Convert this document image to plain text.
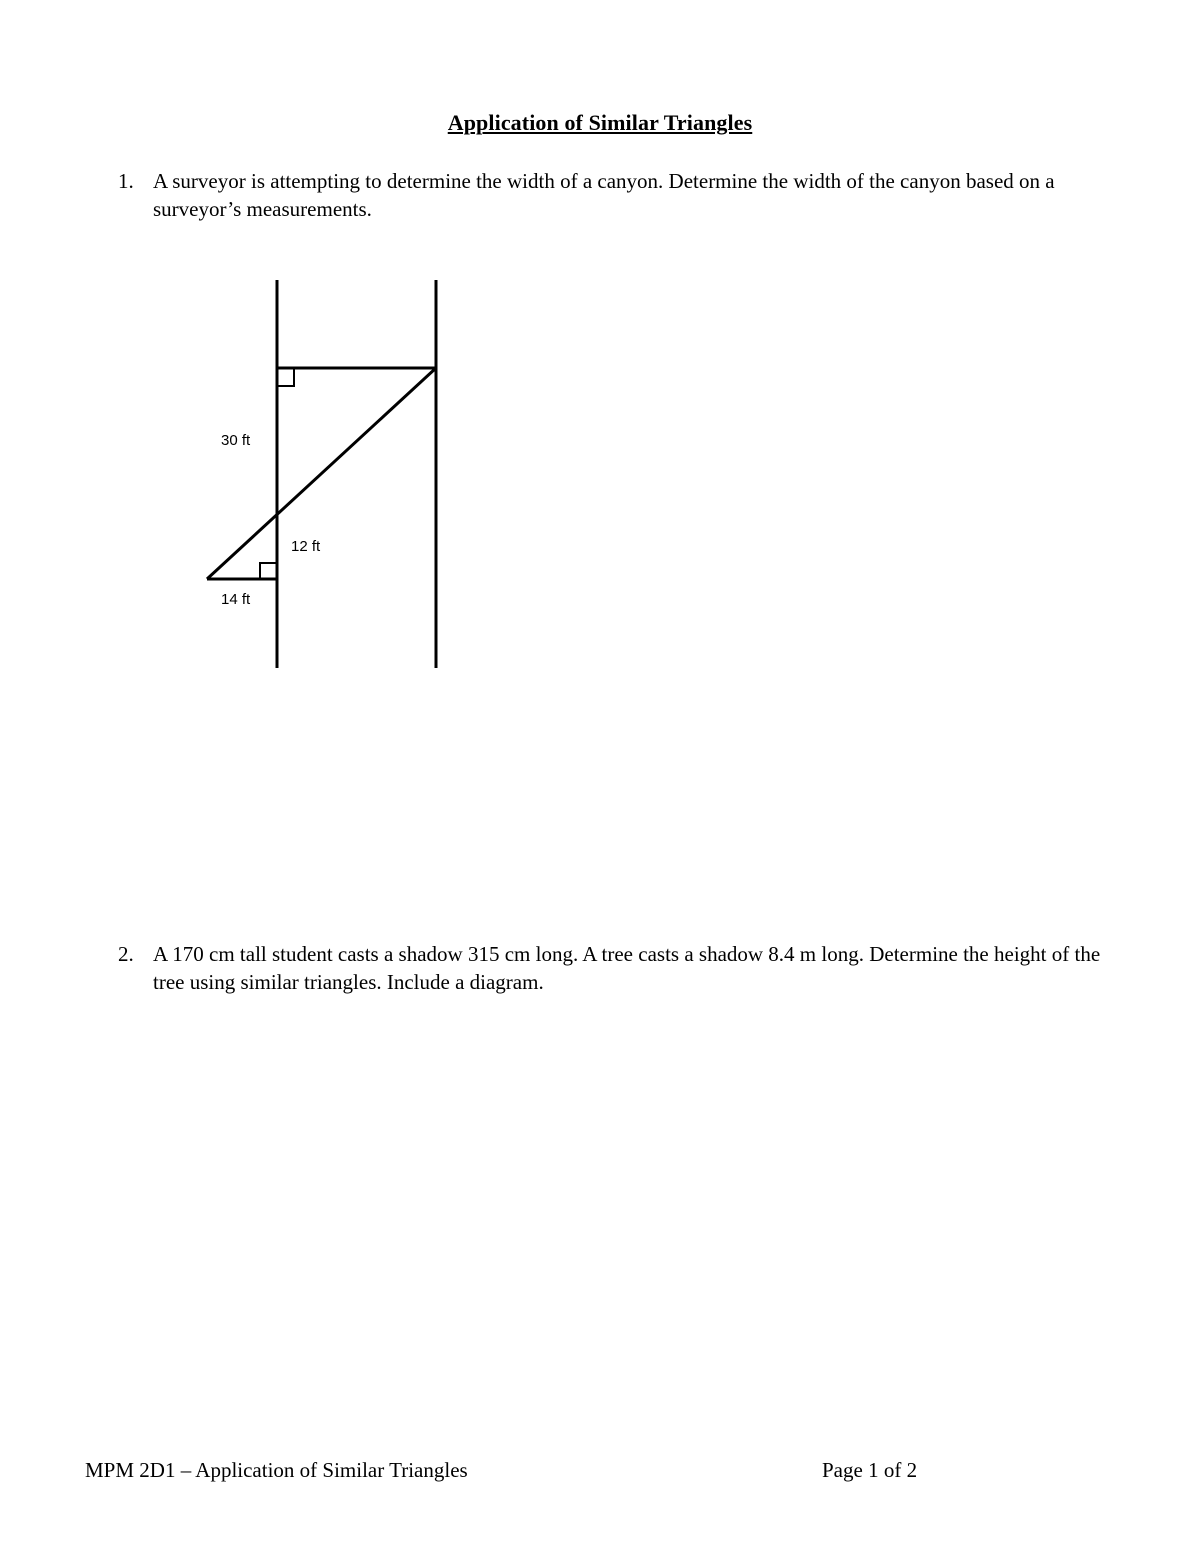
Application of Similar Triangles
1. A surveyor is attempting to determine the width of a canyon. Determine the width of the canyon based on a surveyor’s measurements.
30 ft
12 ft
14 ft
2. A 170 cm tall student casts a shadow 315 cm long. A tree casts a shadow 8.4 m long. Determine the height of the tree using similar triangles. Include a diagram.
MPM 2D1 – Application of Similar Triangles	Page 1 of 2
